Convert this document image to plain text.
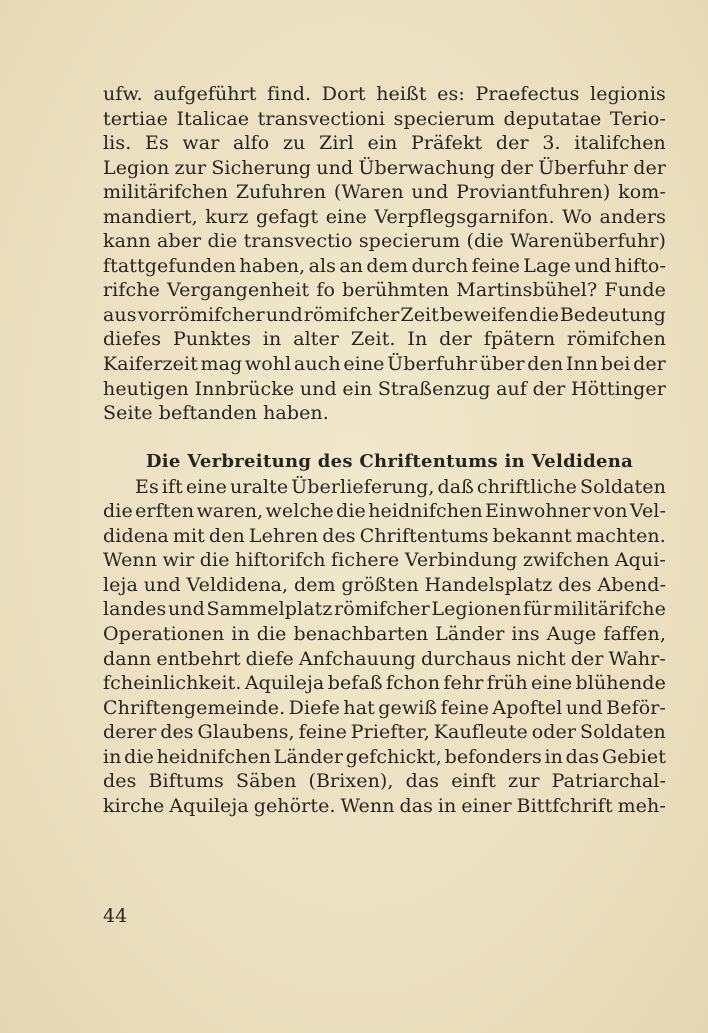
ufw. aufgeführt find. Dort heißt es: Praefectus legionis
tertiae Italicae transvectioni specierum deputatae Terio-
lis. Es war alfo zu Zirl ein Präfekt der 3. italifchen
Legion zur Sicherung und Überwachung der Überfuhr der
militärifchen Zufuhren (Waren und Proviantfuhren) kom-
mandiert, kurz gefagt eine Verpflegsgarnifon. Wo anders
kann aber die transvectio specierum (die Warenüberfuhr)
ftattgefunden haben, als an dem durch feine Lage und hifto-
rifche Vergangenheit fo berühmten Martinsbühel? Funde
aus vorrömifcher und römifcher Zeit beweifen die Bedeutung
diefes Punktes in alter Zeit. In der fpätern römifchen
Kaiferzeit mag wohl auch eine Überfuhr über den Inn bei der
heutigen Innbrücke und ein Straßenzug auf der Höttinger
Seite beftanden haben.
Die Verbreitung des Chriftentums in Veldidena
Es ift eine uralte Überlieferung, daß chriftliche Soldaten
die erften waren, welche die heidnifchen Einwohner von Vel-
didena mit den Lehren des Chriftentums bekannt machten.
Wenn wir die hiftorifch fichere Verbindung zwifchen Aqui-
leja und Veldidena, dem größten Handelsplatz des Abend-
landes und Sammelplatz römifcher Legionen für militärifche
Operationen in die benachbarten Länder ins Auge faffen,
dann entbehrt diefe Anfchauung durchaus nicht der Wahr-
fcheinlichkeit. Aquileja befaß fchon fehr früh eine blühende
Chriftengemeinde. Diefe hat gewiß feine Apoftel und Beför-
derer des Glaubens, feine Priefter, Kaufleute oder Soldaten
in die heidnifchen Länder gefchickt, befonders in das Gebiet
des Biftums Säben (Brixen), das einft zur Patriarchal-
kirche Aquileja gehörte. Wenn das in einer Bittfchrift meh-
44
